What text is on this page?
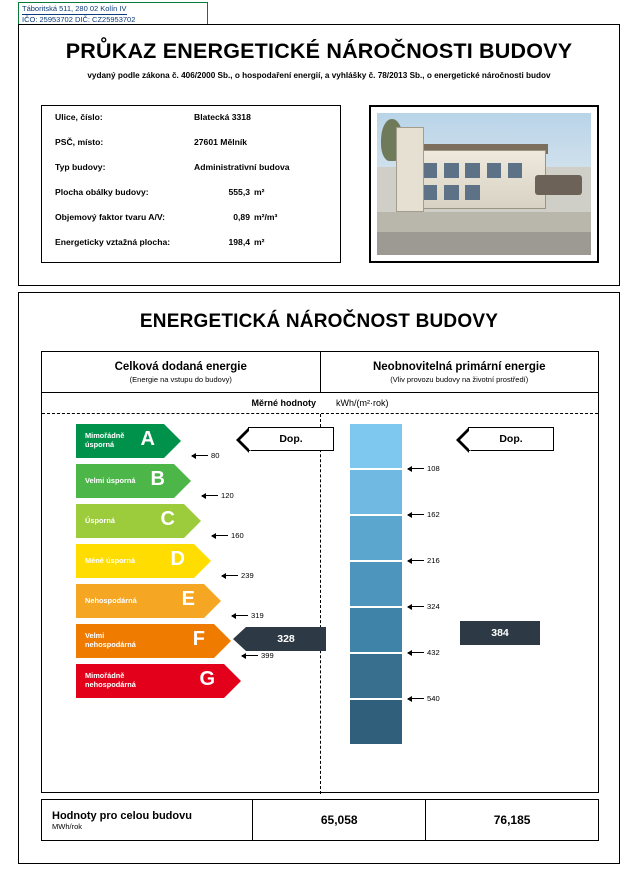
Táboritská 511, 280 02 Kolín IV
IČO: 25953702 DIČ: CZ25953702
PRŮKAZ ENERGETICKÉ NÁROČNOSTI BUDOVY
vydaný podle zákona č. 406/2000 Sb., o hospodaření energií, a vyhlášky č. 78/2013 Sb., o energetické náročnosti budov
Ulice, číslo:	Blatecká 3318
PSČ, místo:	27601 Mělník
Typ budovy:	Administrativní budova
Plocha obálky budovy:	555,3 m²
Objemový faktor tvaru A/V:	0,89 m²/m³
Energeticky vztažná plocha:	198,4 m²
ENERGETICKÁ NÁROČNOST BUDOVY
Celková dodaná energie
(Energie na vstupu do budovy)
Neobnovitelná primární energie
(Vliv provozu budovy na životní prostředí)
Měrné hodnoty kWh/(m²·rok)
Mimořádně úsporná	A
80
Velmi úsporná B
120
Úsporná	C
160
Méně úsporná	D
239
Nehospodárná	E
319
Velmi nehospodárná	F
399
Mimořádně nehospodárná	G
Dop.
328
108
162
216
324
432
540
Dop.
384
Hodnoty pro celou budovu
MWh/rok	65,058	76,185
